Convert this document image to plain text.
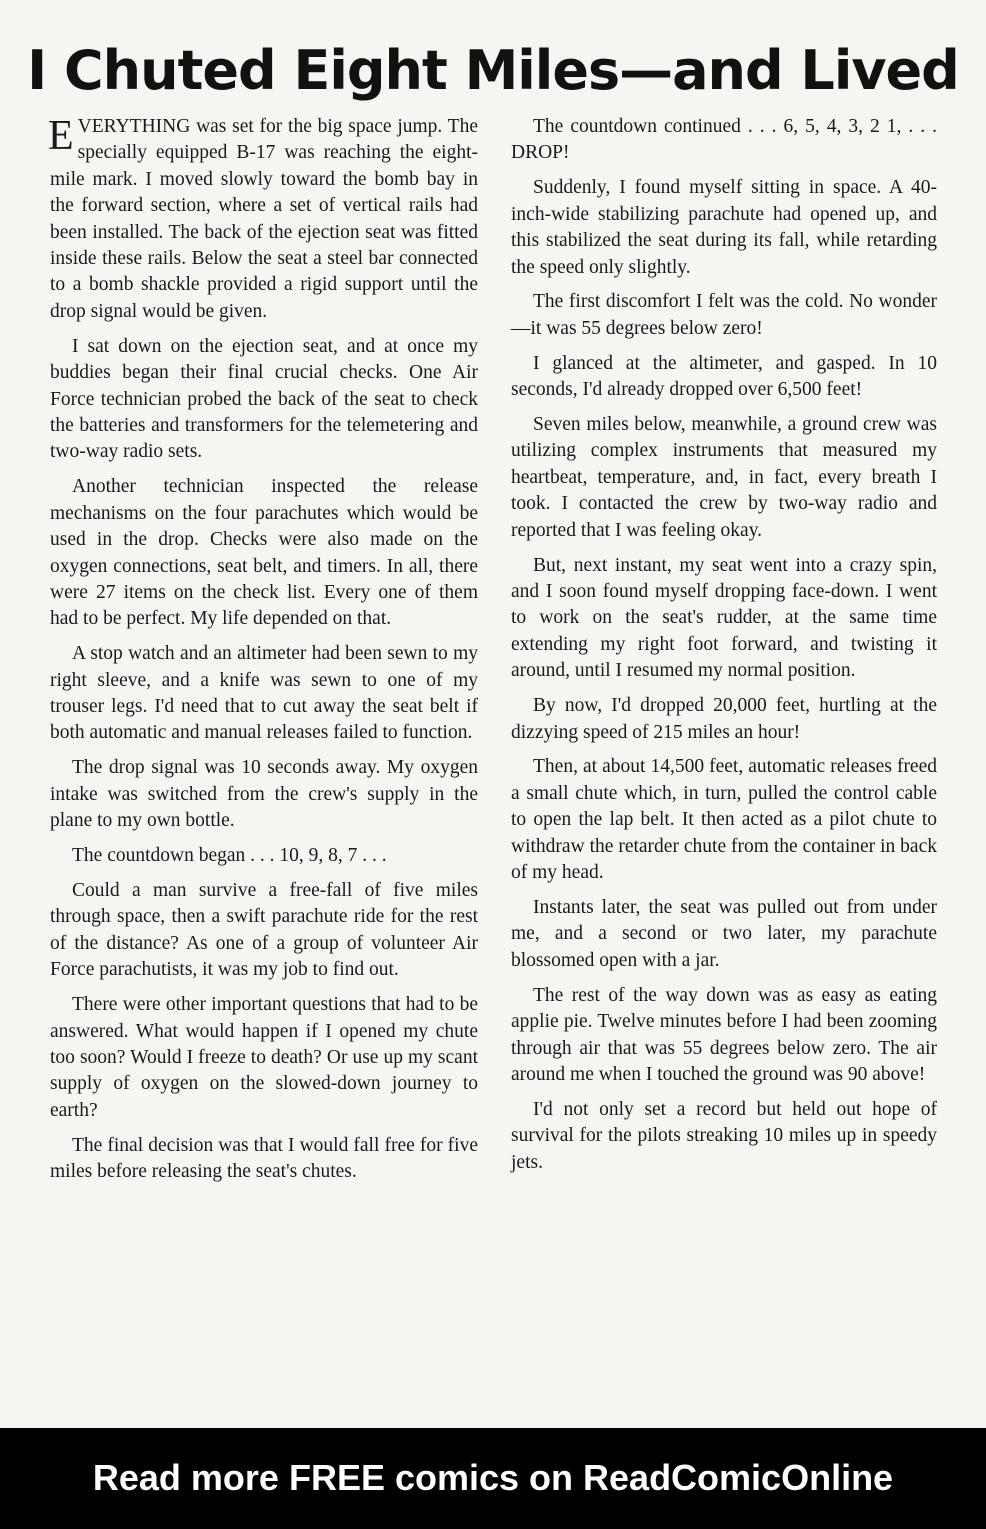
I Chuted Eight Miles—and Lived

EVERYTHING was set for the big space jump. The specially equipped B-17 was reaching the eight-mile mark. I moved slowly toward the bomb bay in the forward section, where a set of vertical rails had been installed. The back of the ejection seat was fitted inside these rails. Below the seat a steel bar connected to a bomb shackle provided a rigid support until the drop signal would be given.

I sat down on the ejection seat, and at once my buddies began their final crucial checks. One Air Force technician probed the back of the seat to check the batteries and transformers for the telemetering and two-way radio sets.

Another technician inspected the release mechanisms on the four parachutes which would be used in the drop. Checks were also made on the oxygen connections, seat belt, and timers. In all, there were 27 items on the check list. Every one of them had to be perfect. My life depended on that.

A stop watch and an altimeter had been sewn to my right sleeve, and a knife was sewn to one of my trouser legs. I'd need that to cut away the seat belt if both automatic and manual releases failed to function.

The drop signal was 10 seconds away. My oxygen intake was switched from the crew's supply in the plane to my own bottle.

The countdown began . . . 10, 9, 8, 7 . . .

Could a man survive a free-fall of five miles through space, then a swift parachute ride for the rest of the distance? As one of a group of volunteer Air Force parachutists, it was my job to find out.

There were other important questions that had to be answered. What would happen if I opened my chute too soon? Would I freeze to death? Or use up my scant supply of oxygen on the slowed-down journey to earth?

The final decision was that I would fall free for five miles before releasing the seat's chutes.

The countdown continued . . . 6, 5, 4, 3, 2 1, . . . DROP!

Suddenly, I found myself sitting in space. A 40-inch-wide stabilizing parachute had opened up, and this stabilized the seat during its fall, while retarding the speed only slightly.

The first discomfort I felt was the cold. No wonder—it was 55 degrees below zero!

I glanced at the altimeter, and gasped. In 10 seconds, I'd already dropped over 6,500 feet!

Seven miles below, meanwhile, a ground crew was utilizing complex instruments that measured my heartbeat, temperature, and, in fact, every breath I took. I contacted the crew by two-way radio and reported that I was feeling okay.

But, next instant, my seat went into a crazy spin, and I soon found myself dropping face-down. I went to work on the seat's rudder, at the same time extending my right foot forward, and twisting it around, until I resumed my normal position.

By now, I'd dropped 20,000 feet, hurtling at the dizzying speed of 215 miles an hour!

Then, at about 14,500 feet, automatic releases freed a small chute which, in turn, pulled the control cable to open the lap belt. It then acted as a pilot chute to withdraw the retarder chute from the container in back of my head.

Instants later, the seat was pulled out from under me, and a second or two later, my parachute blossomed open with a jar.

The rest of the way down was as easy as eating applie pie. Twelve minutes before I had been zooming through air that was 55 degrees below zero. The air around me when I touched the ground was 90 above!

I'd not only set a record but held out hope of survival for the pilots streaking 10 miles up in speedy jets.

Read more FREE comics on ReadComicOnline
